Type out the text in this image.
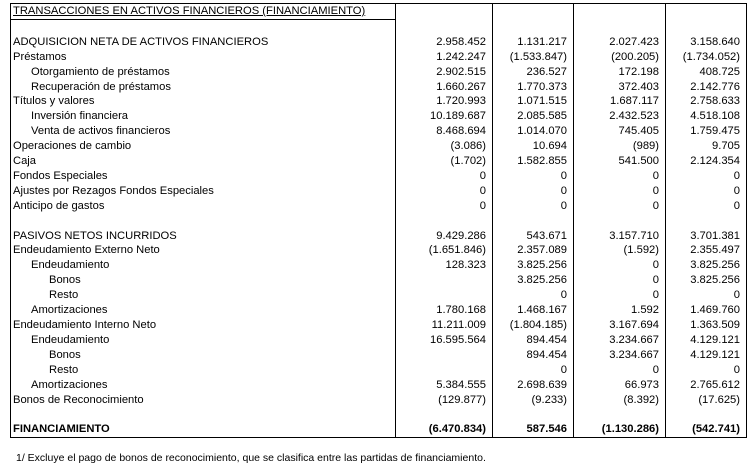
TRANSACCIONES EN ACTIVOS FINANCIEROS (FINANCIAMIENTO)				

ADQUISICION NETA DE ACTIVOS FINANCIEROS	2.958.452	1.131.217	2.027.423	3.158.640
Préstamos	1.242.247	(1.533.847)	(200.205)	(1.734.052)
Otorgamiento de préstamos	2.902.515	236.527	172.198	408.725
Recuperación de préstamos	1.660.267	1.770.373	372.403	2.142.776
Títulos y valores	1.720.993	1.071.515	1.687.117	2.758.633
Inversión financiera	10.189.687	2.085.585	2.432.523	4.518.108
Venta de activos financieros	8.468.694	1.014.070	745.405	1.759.475
Operaciones de cambio	(3.086)	10.694	(989)	9.705
Caja	(1.702)	1.582.855	541.500	2.124.354
Fondos Especiales	0	0	0	0
Ajustes por Rezagos Fondos Especiales	0	0	0	0
Anticipo de gastos	0	0	0	0

PASIVOS NETOS INCURRIDOS	9.429.286	543.671	3.157.710	3.701.381
Endeudamiento Externo Neto	(1.651.846)	2.357.089	(1.592)	2.355.497
Endeudamiento	128.323	3.825.256	0	3.825.256
Bonos		3.825.256	0	3.825.256
Resto		0	0	0
Amortizaciones	1.780.168	1.468.167	1.592	1.469.760
Endeudamiento Interno Neto	11.211.009	(1.804.185)	3.167.694	1.363.509
Endeudamiento	16.595.564	894.454	3.234.667	4.129.121
Bonos		894.454	3.234.667	4.129.121
Resto		0	0	0
Amortizaciones	5.384.555	2.698.639	66.973	2.765.612
Bonos de Reconocimiento	(129.877)	(9.233)	(8.392)	(17.625)

FINANCIAMIENTO	(6.470.834)	587.546	(1.130.286)	(542.741)
1/ Excluye el pago de bonos de reconocimiento, que se clasifica entre las partidas de financiamiento.
